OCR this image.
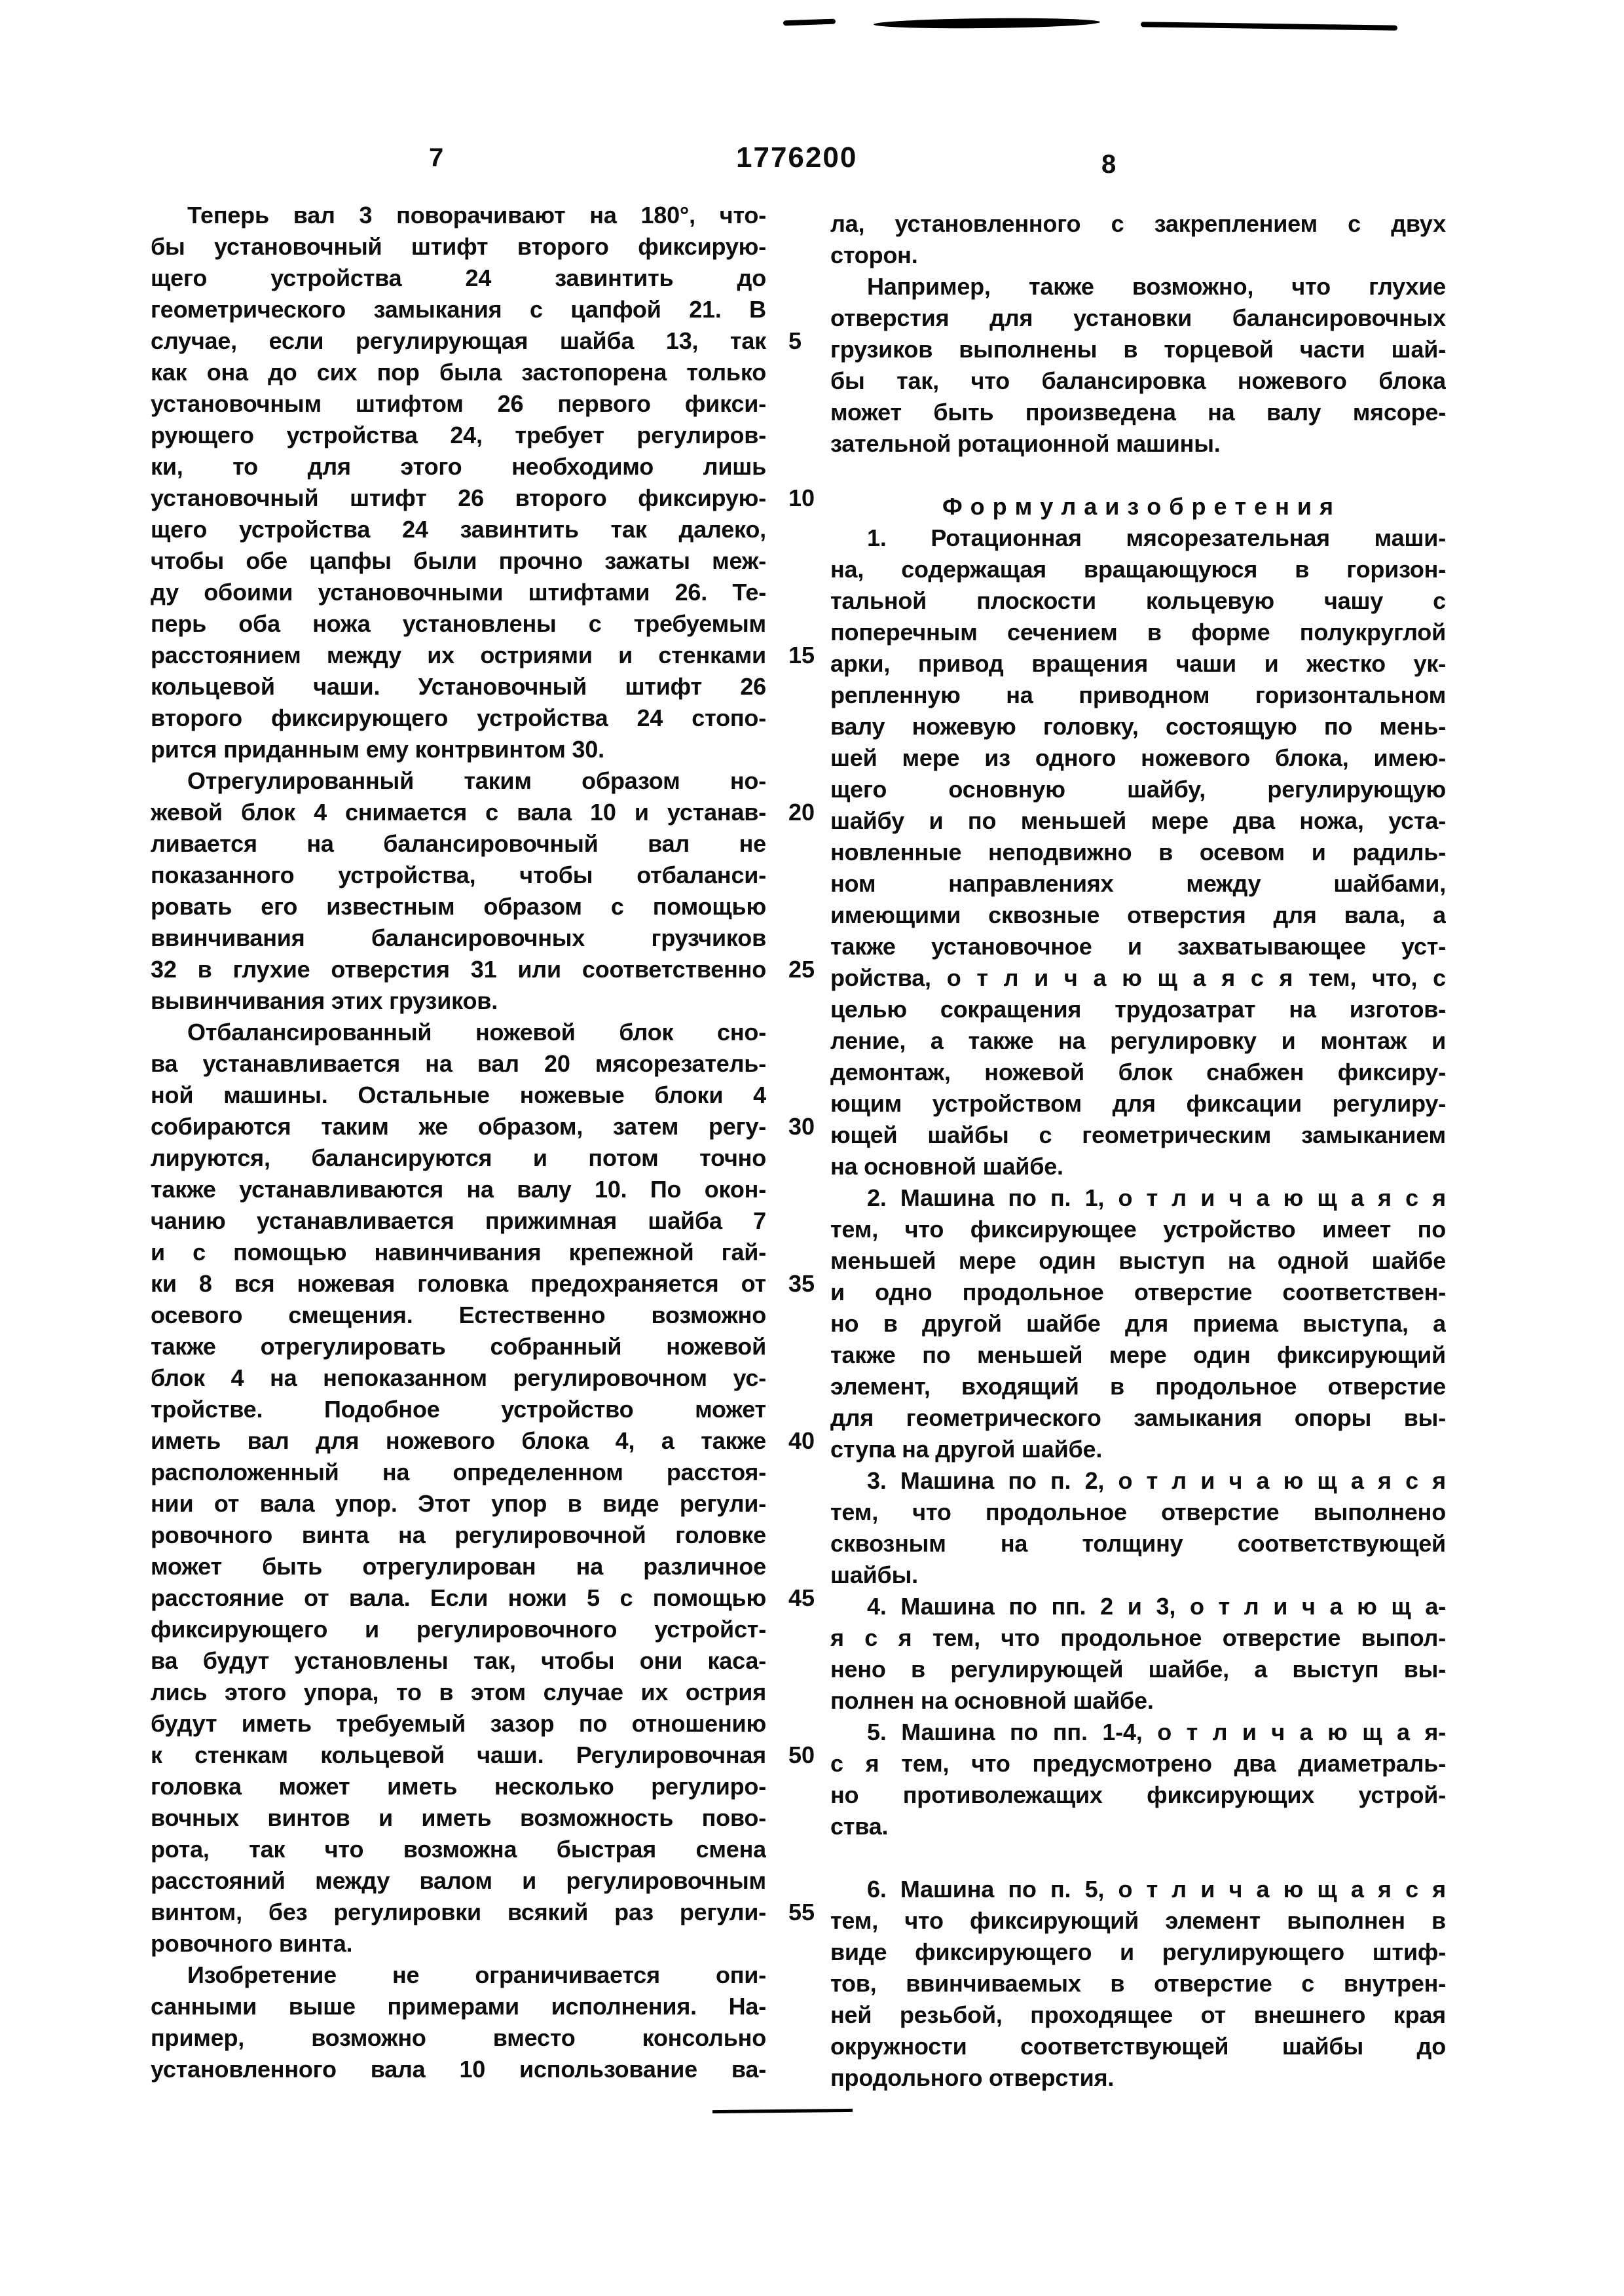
7	1776200	8
Теперь вал 3 поворачивают на 180°, что-
бы установочный штифт второго фиксирую-
щего устройства 24 завинтить до
геометрического замыкания с цапфой 21. В
случае, если регулирующая шайба 13, так
как она до сих пор была застопорена только
установочным штифтом 26 первого фикси-
рующего устройства 24, требует регулиров-
ки, то для этого необходимо лишь
установочный штифт 26 второго фиксирую-
щего устройства 24 завинтить так далеко,
чтобы обе цапфы были прочно зажаты меж-
ду обоими установочными штифтами 26. Те-
перь оба ножа установлены с требуемым
расстоянием между их остриями и стенками
кольцевой чаши. Установочный штифт 26
второго фиксирующего устройства 24 стопо-
рится приданным ему контрвинтом 30.
Отрегулированный таким образом но-
жевой блок 4 снимается с вала 10 и устанав-
ливается на балансировочный вал не
показанного устройства, чтобы отбаланси-
ровать его известным образом с помощью
ввинчивания балансировочных грузчиков
32 в глухие отверстия 31 или соответственно
вывинчивания этих грузиков.
Отбалансированный ножевой блок сно-
ва устанавливается на вал 20 мясорезатель-
ной машины. Остальные ножевые блоки 4
собираются таким же образом, затем регу-
лируются, балансируются и потом точно
также устанавливаются на валу 10. По окон-
чанию устанавливается прижимная шайба 7
и с помощью навинчивания крепежной гай-
ки 8 вся ножевая головка предохраняется от
осевого смещения. Естественно возможно
также отрегулировать собранный ножевой
блок 4 на непоказанном регулировочном ус-
тройстве. Подобное устройство может
иметь вал для ножевого блока 4, а также
расположенный на определенном расстоя-
нии от вала упор. Этот упор в виде регули-
ровочного винта на регулировочной головке
может быть отрегулирован на различное
расстояние от вала. Если ножи 5 с помощью
фиксирующего и регулировочного устройст-
ва будут установлены так, чтобы они каса-
лись этого упора, то в этом случае их острия
будут иметь требуемый зазор по отношению
к стенкам кольцевой чаши. Регулировочная
головка может иметь несколько регулиро-
вочных винтов и иметь возможность пово-
рота, так что возможна быстрая смена
расстояний между валом и регулировочным
винтом, без регулировки всякий раз регули-
ровочного винта.
Изобретение не ограничивается опи-
санными выше примерами исполнения. На-
пример, возможно вместо консольно
установленного вала 10 использование ва-
5
10
15
20
25
30
35
40
45
50
55
ла, установленного с закреплением с двух
сторон.
Например, также возможно, что глухие
отверстия для установки балансировочных
грузиков выполнены в торцевой части шай-
бы так, что балансировка ножевого блока
может быть произведена на валу мясоре-
зательной ротационной машины.
Ф о р м у л а и з о б р е т е н и я
1. Ротационная мясорезательная маши-
на, содержащая вращающуюся в горизон-
тальной плоскости кольцевую чашу с
поперечным сечением в форме полукруглой
арки, привод вращения чаши и жестко ук-
репленную на приводном горизонтальном
валу ножевую головку, состоящую по мень-
шей мере из одного ножевого блока, имею-
щего основную шайбу, регулирующую
шайбу и по меньшей мере два ножа, уста-
новленные неподвижно в осевом и радиль-
ном направлениях между шайбами,
имеющими сквозные отверстия для вала, а
также установочное и захватывающее уст-
ройства, о т л и ч а ю щ а я с я тем, что, с
целью сокращения трудозатрат на изготов-
ление, а также на регулировку и монтаж и
демонтаж, ножевой блок снабжен фиксиру-
ющим устройством для фиксации регулиру-
ющей шайбы с геометрическим замыканием
на основной шайбе.
2. Машина по п. 1, о т л и ч а ю щ а я с я
тем, что фиксирующее устройство имеет по
меньшей мере один выступ на одной шайбе
и одно продольное отверстие соответствен-
но в другой шайбе для приема выступа, а
также по меньшей мере один фиксирующий
элемент, входящий в продольное отверстие
для геометрического замыкания опоры вы-
ступа на другой шайбе.
3. Машина по п. 2, о т л и ч а ю щ а я с я
тем, что продольное отверстие выполнено
сквозным на толщину соответствующей
шайбы.
4. Машина по пп. 2 и 3, о т л и ч а ю щ а-
я с я тем, что продольное отверстие выпол-
нено в регулирующей шайбе, а выступ вы-
полнен на основной шайбе.
5. Машина по пп. 1-4, о т л и ч а ю щ а я-
с я тем, что предусмотрено два диаметраль-
но противолежащих фиксирующих устрой-
ства.
6. Машина по п. 5, о т л и ч а ю щ а я с я
тем, что фиксирующий элемент выполнен в
виде фиксирующего и регулирующего штиф-
тов, ввинчиваемых в отверстие с внутрен-
ней резьбой, проходящее от внешнего края
окружности соответствующей шайбы до
продольного отверстия.
